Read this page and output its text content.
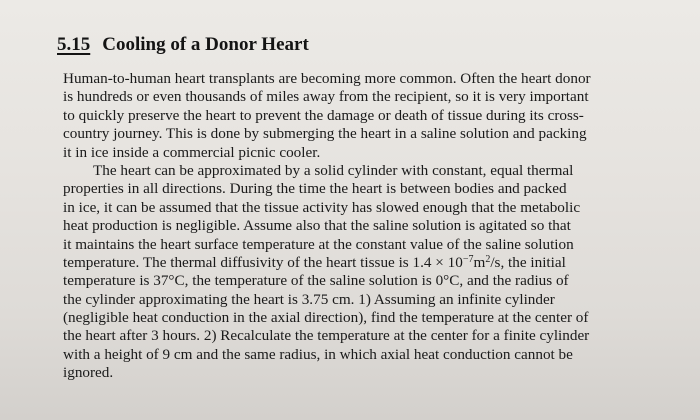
5.15 Cooling of a Donor Heart
Human-to-human heart transplants are becoming more common. Often the heart donor
is hundreds or even thousands of miles away from the recipient, so it is very important
to quickly preserve the heart to prevent the damage or death of tissue during its cross-
country journey. This is done by submerging the heart in a saline solution and packing
it in ice inside a commercial picnic cooler.
The heart can be approximated by a solid cylinder with constant, equal thermal
properties in all directions. During the time the heart is between bodies and packed
in ice, it can be assumed that the tissue activity has slowed enough that the metabolic
heat production is negligible. Assume also that the saline solution is agitated so that
it maintains the heart surface temperature at the constant value of the saline solution
temperature. The thermal diffusivity of the heart tissue is $1.4 \times 10^{-7}m^2/s$, the initial
temperature is 37°C, the temperature of the saline solution is 0°C, and the radius of
the cylinder approximating the heart is 3.75 cm. 1) Assuming an infinite cylinder
(negligible heat conduction in the axial direction), find the temperature at the center of
the heart after 3 hours. 2) Recalculate the temperature at the center for a finite cylinder
with a height of 9 cm and the same radius, in which axial heat conduction cannot be
ignored.
